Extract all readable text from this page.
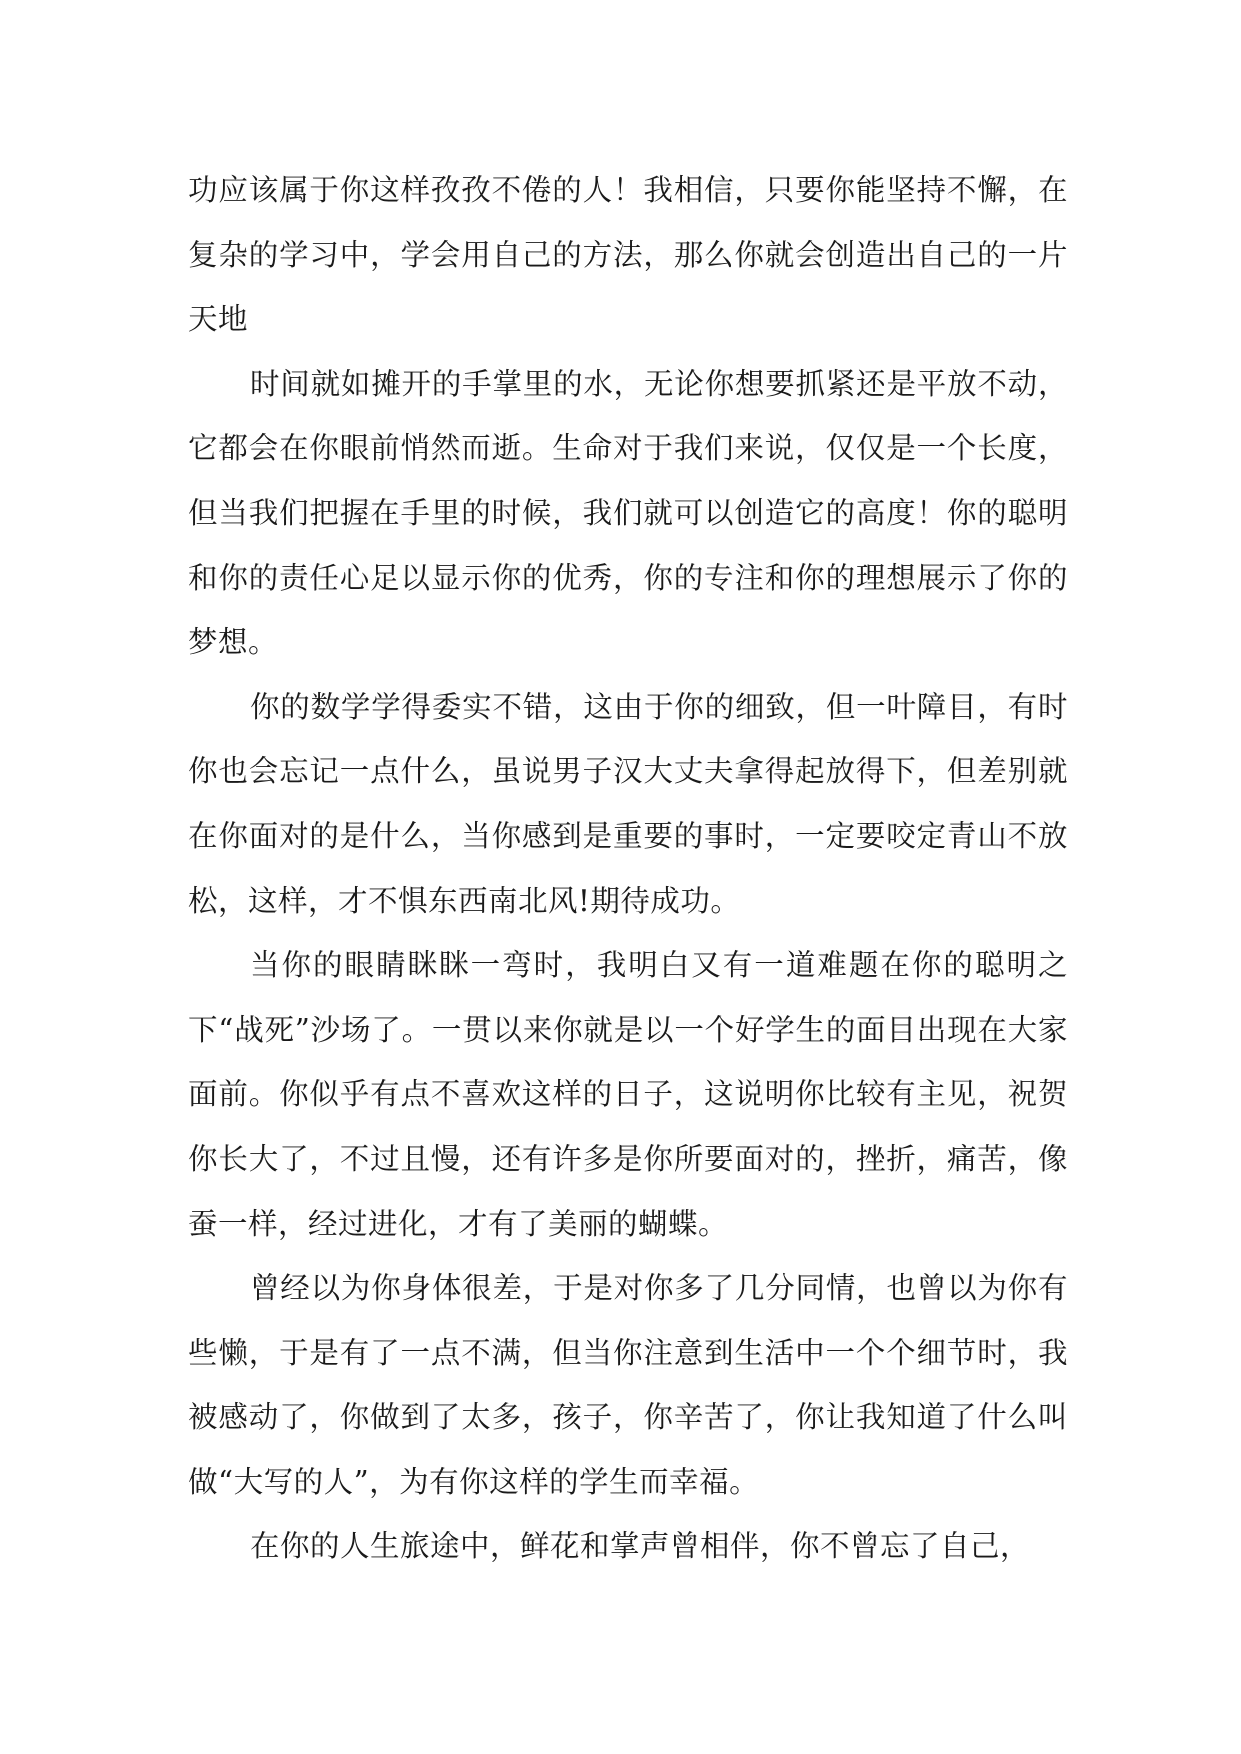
功应该属于你这样孜孜不倦的人！我相信，只要你能坚持不懈，在复杂的学习中，学会用自己的方法，那么你就会创造出自己的一片天地

时间就如摊开的手掌里的水，无论你想要抓紧还是平放不动，它都会在你眼前悄然而逝。生命对于我们来说，仅仅是一个长度，但当我们把握在手里的时候，我们就可以创造它的高度！你的聪明和你的责任心足以显示你的优秀，你的专注和你的理想展示了你的梦想。

你的数学学得委实不错，这由于你的细致，但一叶障目，有时你也会忘记一点什么，虽说男子汉大丈夫拿得起放得下，但差别就在你面对的是什么，当你感到是重要的事时，一定要咬定青山不放松，这样，才不惧东西南北风!期待成功。

当你的眼睛眯眯一弯时，我明白又有一道难题在你的聪明之下“战死”沙场了。一贯以来你就是以一个好学生的面目出现在大家面前。你似乎有点不喜欢这样的日子，这说明你比较有主见，祝贺你长大了，不过且慢，还有许多是你所要面对的，挫折，痛苦，像蚕一样，经过进化，才有了美丽的蝴蝶。

曾经以为你身体很差，于是对你多了几分同情，也曾以为你有些懒，于是有了一点不满，但当你注意到生活中一个个细节时，我被感动了，你做到了太多，孩子，你辛苦了，你让我知道了什么叫做“大写的人”，为有你这样的学生而幸福。

在你的人生旅途中，鲜花和掌声曾相伴，你不曾忘了自己，
